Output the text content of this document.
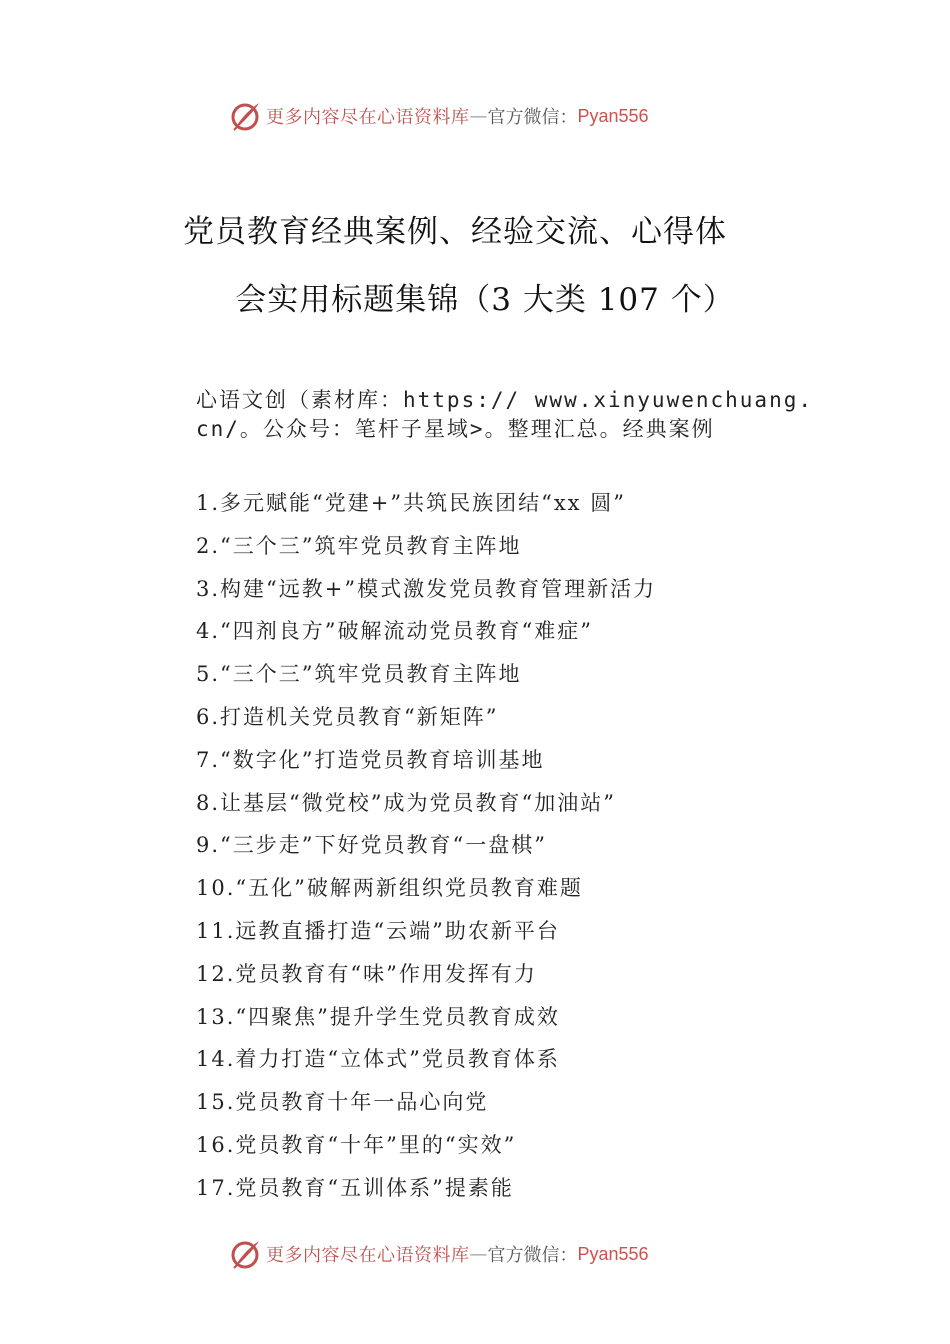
更多内容尽在心语资料库 — 官方微信： Pyan556
党员教育经典案例、经验交流、心得体
会实用标题集锦（3 大类 107 个）
心语文创（素材库：https:// www.xinyuwenchuang.cn/。公众号：笔杆子星域>。整理汇总。经典案例
1.多元赋能“党建+”共筑民族团结“xx 圆”
2.“三个三”筑牢党员教育主阵地
3.构建“远教+”模式激发党员教育管理新活力
4.“四剂良方”破解流动党员教育“难症”
5.“三个三”筑牢党员教育主阵地
6.打造机关党员教育“新矩阵”
7.“数字化”打造党员教育培训基地
8.让基层“微党校”成为党员教育“加油站”
9.“三步走”下好党员教育“一盘棋”
10.“五化”破解两新组织党员教育难题
11.远教直播打造“云端”助农新平台
12.党员教育有“味”作用发挥有力
13.“四聚焦”提升学生党员教育成效
14.着力打造“立体式”党员教育体系
15.党员教育十年一品心向党
16.党员教育“十年”里的“实效”
17.党员教育“五训体系”提素能
更多内容尽在心语资料库 — 官方微信： Pyan556
